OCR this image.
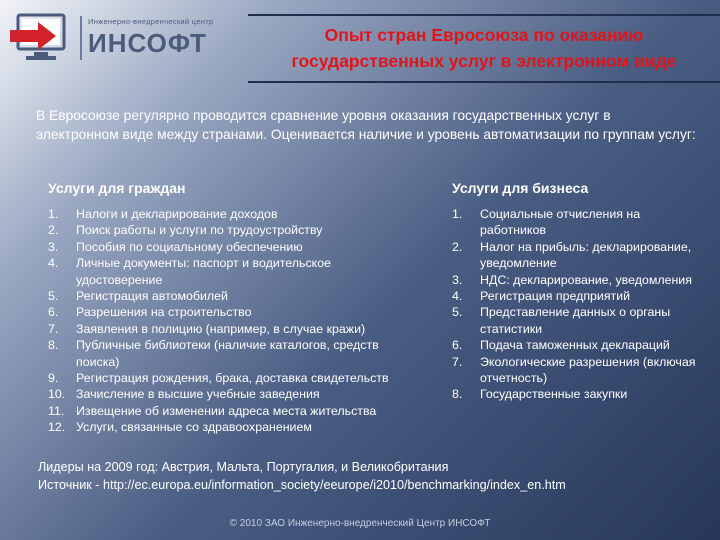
Инженерно-внедренческий центр
ИНСОФТ	Опыт стран Евросоюза по оказанию
государственных услуг в электронном виде
В Евросоюзе регулярно проводится сравнение уровня оказания государственных услуг в электронном виде между странами. Оценивается наличие и уровень автоматизации по группам услуг:
Услуги для граждан	Услуги для бизнеса
1. Налоги и декларирование доходов
2. Поиск работы и услуги по трудоустройству
3. Пособия по социальному обеспечению
4. Личные документы: паспорт и водительское удостоверение
5. Регистрация автомобилей
6. Разрешения на строительство
7. Заявления в полицию (например, в случае кражи)
8. Публичные библиотеки (наличие каталогов, средств поиска)
9. Регистрация рождения, брака, доставка свидетельств
10. Зачисление в высшие учебные заведения
11. Извещение об изменении адреса места жительства
12. Услуги, связанные со здравоохранением
1. Социальные отчисления на работников
2. Налог на прибыль: декларирование, уведомление
3. НДС: декларирование, уведомления
4. Регистрация предприятий
5. Представление данных о органы статистики
6. Подача таможенных деклараций
7. Экологические разрешения (включая отчетность)
8. Государственные закупки
Лидеры на 2009 год: Австрия, Мальта, Португалия, и Великобритания
Источник - http://ec.europa.eu/information_society/eeurope/i2010/benchmarking/index_en.htm
© 2010 ЗАО Инженерно-внедренческий Центр ИНСОФТ
